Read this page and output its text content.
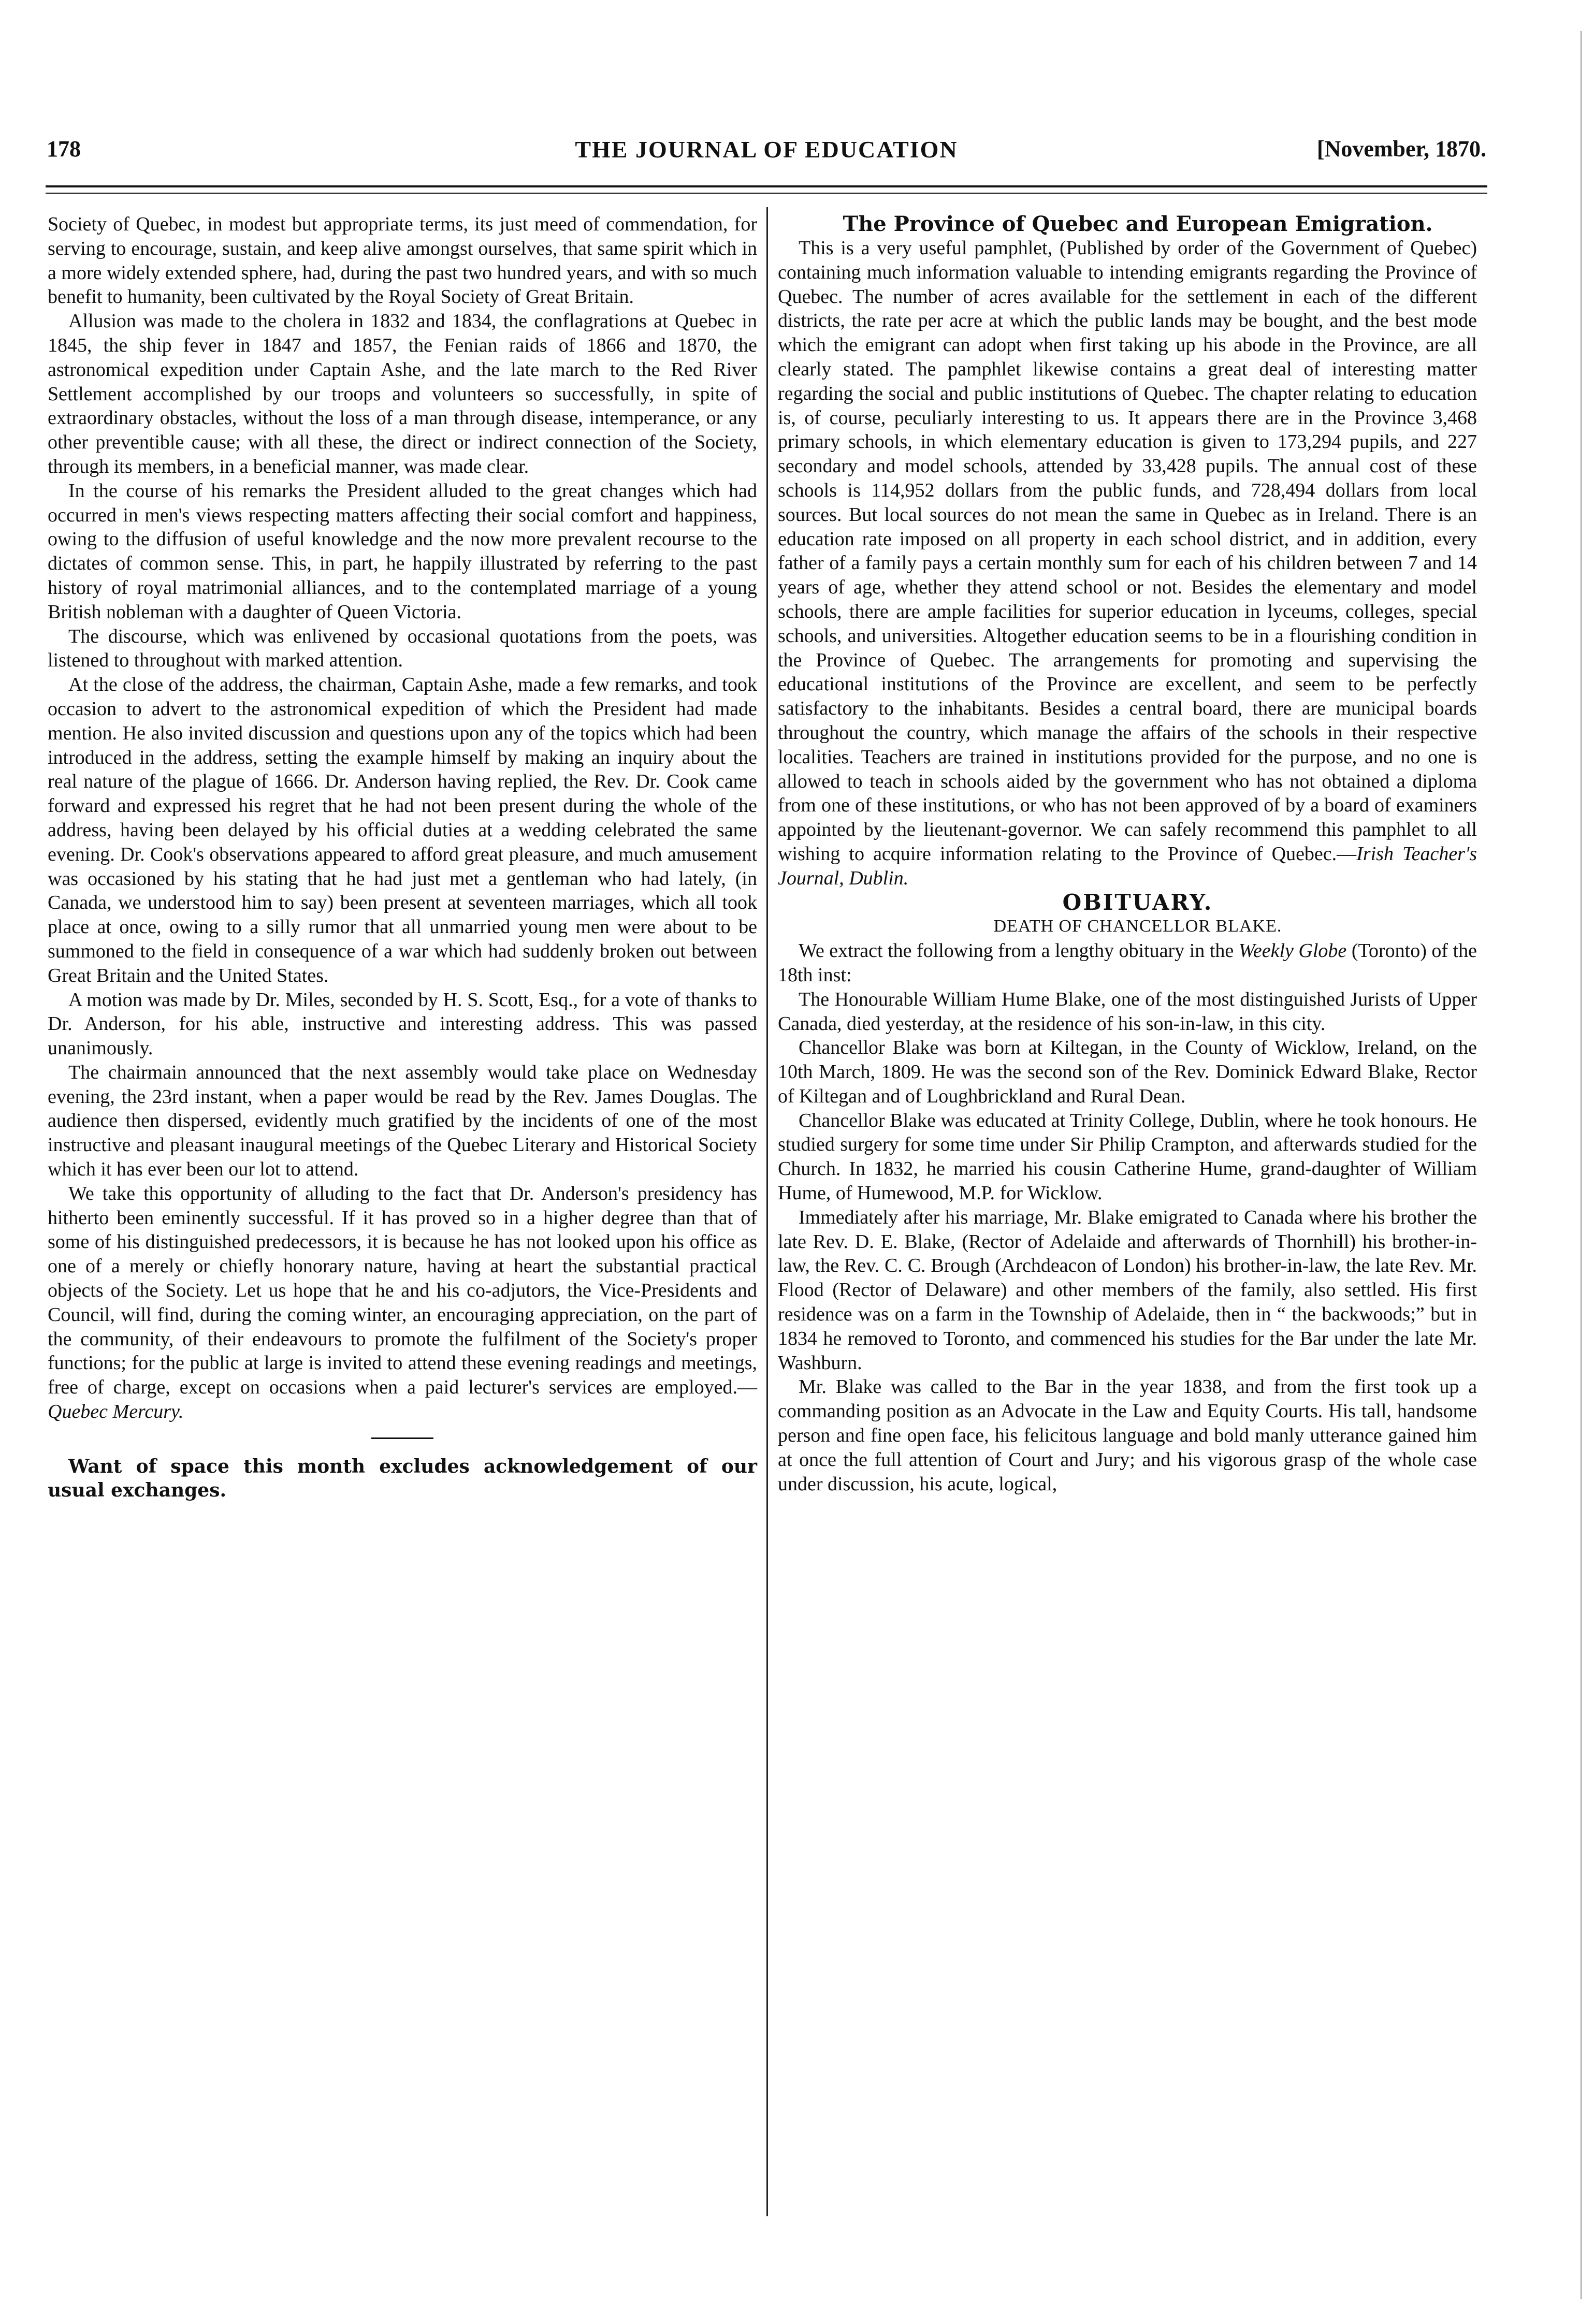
178	THE JOURNAL OF EDUCATION	[November, 1870.

Society of Quebec, in modest but appropriate terms, its just meed of commendation, for serving to encourage, sustain, and keep alive amongst ourselves, that same spirit which in a more widely extended sphere, had, during the past two hundred years, and with so much benefit to humanity, been cultivated by the Royal Society of Great Britain.

Allusion was made to the cholera in 1832 and 1834, the conflagrations at Quebec in 1845, the ship fever in 1847 and 1857, the Fenian raids of 1866 and 1870, the astronomical expedition under Captain Ashe, and the late march to the Red River Settlement accomplished by our troops and volunteers so successfully, in spite of extraordinary obstacles, without the loss of a man through disease, intemperance, or any other preventible cause; with all these, the direct or indirect connection of the Society, through its members, in a beneficial manner, was made clear.

In the course of his remarks the President alluded to the great changes which had occurred in men's views respecting matters affecting their social comfort and happiness, owing to the diffusion of useful knowledge and the now more prevalent recourse to the dictates of common sense. This, in part, he happily illustrated by referring to the past history of royal matrimonial alliances, and to the contemplated marriage of a young British nobleman with a daughter of Queen Victoria.

The discourse, which was enlivened by occasional quotations from the poets, was listened to throughout with marked attention.

At the close of the address, the chairman, Captain Ashe, made a few remarks, and took occasion to advert to the astronomical expedition of which the President had made mention. He also invited discussion and questions upon any of the topics which had been introduced in the address, setting the example himself by making an inquiry about the real nature of the plague of 1666. Dr. Anderson having replied, the Rev. Dr. Cook came forward and expressed his regret that he had not been present during the whole of the address, having been delayed by his official duties at a wedding celebrated the same evening. Dr. Cook's observations appeared to afford great pleasure, and much amusement was occasioned by his stating that he had just met a gentleman who had lately, (in Canada, we understood him to say) been present at seventeen marriages, which all took place at once, owing to a silly rumor that all unmarried young men were about to be summoned to the field in consequence of a war which had suddenly broken out between Great Britain and the United States.

A motion was made by Dr. Miles, seconded by H. S. Scott, Esq., for a vote of thanks to Dr. Anderson, for his able, instructive and interesting address. This was passed unanimously.

The chairmain announced that the next assembly would take place on Wednesday evening, the 23rd instant, when a paper would be read by the Rev. James Douglas. The audience then dispersed, evidently much gratified by the incidents of one of the most instructive and pleasant inaugural meetings of the Quebec Literary and Historical Society which it has ever been our lot to attend.

We take this opportunity of alluding to the fact that Dr. Anderson's presidency has hitherto been eminently successful. If it has proved so in a higher degree than that of some of his distinguished predecessors, it is because he has not looked upon his office as one of a merely or chiefly honorary nature, having at heart the substantial practical objects of the Society. Let us hope that he and his co-adjutors, the Vice-Presidents and Council, will find, during the coming winter, an encouraging appreciation, on the part of the community, of their endeavours to promote the fulfilment of the Society's proper functions; for the public at large is invited to attend these evening readings and meetings, free of charge, except on occasions when a paid lecturer's services are employed.—Quebec Mercury.

Want of space this month excludes acknowledgement of our usual exchanges.

The Province of Quebec and European Emigration.

This is a very useful pamphlet, (Published by order of the Government of Quebec) containing much information valuable to intending emigrants regarding the Province of Quebec. The number of acres available for the settlement in each of the different districts, the rate per acre at which the public lands may be bought, and the best mode which the emigrant can adopt when first taking up his abode in the Province, are all clearly stated. The pamphlet likewise contains a great deal of interesting matter regarding the social and public institutions of Quebec. The chapter relating to education is, of course, peculiarly interesting to us. It appears there are in the Province 3,468 primary schools, in which elementary education is given to 173,294 pupils, and 227 secondary and model schools, attended by 33,428 pupils. The annual cost of these schools is 114,952 dollars from the public funds, and 728,494 dollars from local sources. But local sources do not mean the same in Quebec as in Ireland. There is an education rate imposed on all property in each school district, and in addition, every father of a family pays a certain monthly sum for each of his children between 7 and 14 years of age, whether they attend school or not. Besides the elementary and model schools, there are ample facilities for superior education in lyceums, colleges, special schools, and universities. Altogether education seems to be in a flourishing condition in the Province of Quebec. The arrangements for promoting and supervising the educational institutions of the Province are excellent, and seem to be perfectly satisfactory to the inhabitants. Besides a central board, there are municipal boards throughout the country, which manage the affairs of the schools in their respective localities. Teachers are trained in institutions provided for the purpose, and no one is allowed to teach in schools aided by the government who has not obtained a diploma from one of these institutions, or who has not been approved of by a board of examiners appointed by the lieutenant-governor. We can safely recommend this pamphlet to all wishing to acquire information relating to the Province of Quebec.—Irish Teacher's Journal, Dublin.

OBITUARY.

DEATH OF CHANCELLOR BLAKE.

We extract the following from a lengthy obituary in the Weekly Globe (Toronto) of the 18th inst:

The Honourable William Hume Blake, one of the most distinguished Jurists of Upper Canada, died yesterday, at the residence of his son-in-law, in this city.

Chancellor Blake was born at Kiltegan, in the County of Wicklow, Ireland, on the 10th March, 1809. He was the second son of the Rev. Dominick Edward Blake, Rector of Kiltegan and of Loughbrickland and Rural Dean.

Chancellor Blake was educated at Trinity College, Dublin, where he took honours. He studied surgery for some time under Sir Philip Crampton, and afterwards studied for the Church. In 1832, he married his cousin Catherine Hume, grand-daughter of William Hume, of Humewood, M.P. for Wicklow.

Immediately after his marriage, Mr. Blake emigrated to Canada where his brother the late Rev. D. E. Blake, (Rector of Adelaide and afterwards of Thornhill) his brother-in-law, the Rev. C. C. Brough (Archdeacon of London) his brother-in-law, the late Rev. Mr. Flood (Rector of Delaware) and other members of the family, also settled. His first residence was on a farm in the Township of Adelaide, then in “ the backwoods;” but in 1834 he removed to Toronto, and commenced his studies for the Bar under the late Mr. Washburn.

Mr. Blake was called to the Bar in the year 1838, and from the first took up a commanding position as an Advocate in the Law and Equity Courts. His tall, handsome person and fine open face, his felicitous language and bold manly utterance gained him at once the full attention of Court and Jury; and his vigorous grasp of the whole case under discussion, his acute, logical,
